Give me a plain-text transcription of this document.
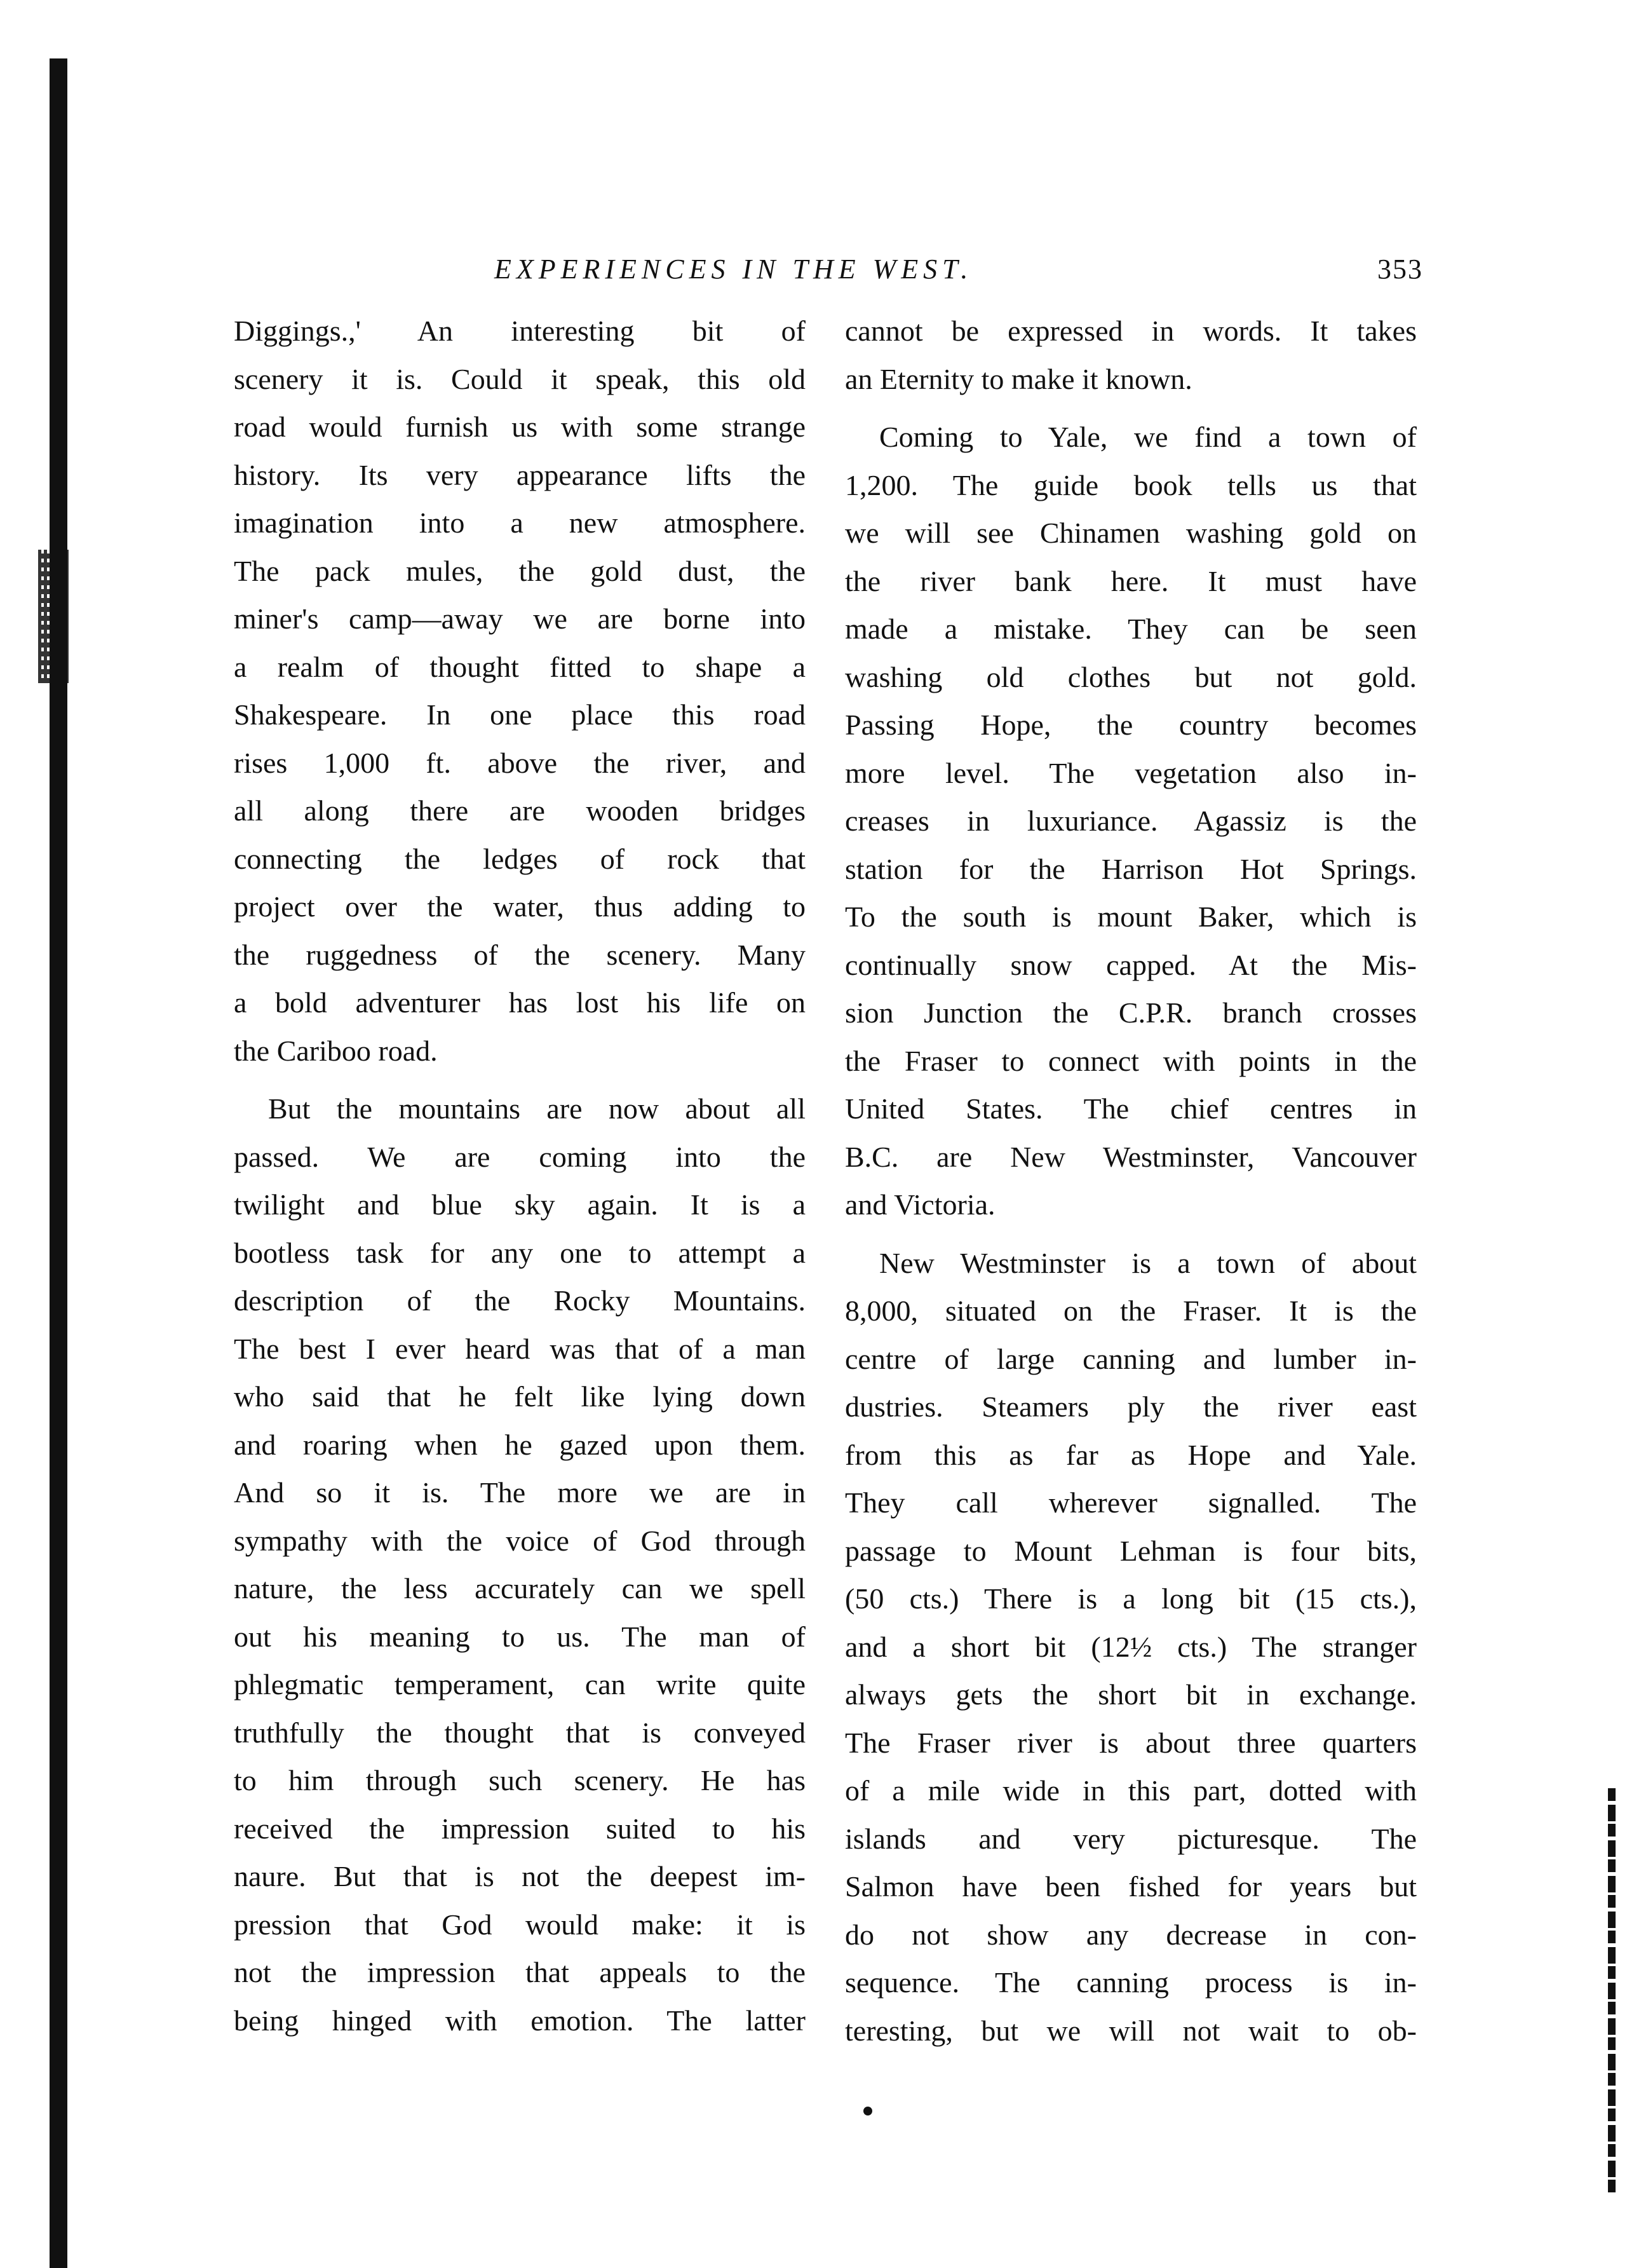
EXPERIENCES IN THE WEST.	353
Diggings.,' An interesting bit of
scenery it is. Could it speak, this old
road would furnish us with some strange
history. Its very appearance lifts the
imagination into a new atmosphere.
The pack mules, the gold dust, the
miner's camp—away we are borne into
a realm of thought fitted to shape a
Shakespeare. In one place this road
rises 1,000 ft. above the river, and
all along there are wooden bridges
connecting the ledges of rock that
project over the water, thus adding to
the ruggedness of the scenery. Many
a bold adventurer has lost his life on
the Cariboo road.
But the mountains are now about all
passed. We are coming into the
twilight and blue sky again. It is a
bootless task for any one to attempt a
description of the Rocky Mountains.
The best I ever heard was that of a man
who said that he felt like lying down
and roaring when he gazed upon them.
And so it is. The more we are in
sympathy with the voice of God through
nature, the less accurately can we spell
out his meaning to us. The man of
phlegmatic temperament, can write quite
truthfully the thought that is conveyed
to him through such scenery. He has
received the impression suited to his
naure. But that is not the deepest im-
pression that God would make: it is
not the impression that appeals to the
being hinged with emotion. The latter
cannot be expressed in words. It takes
an Eternity to make it known.
Coming to Yale, we find a town of
1,200. The guide book tells us that
we will see Chinamen washing gold on
the river bank here. It must have
made a mistake. They can be seen
washing old clothes but not gold.
Passing Hope, the country becomes
more level. The vegetation also in-
creases in luxuriance. Agassiz is the
station for the Harrison Hot Springs.
To the south is mount Baker, which is
continually snow capped. At the Mis-
sion Junction the C.P.R. branch crosses
the Fraser to connect with points in the
United States. The chief centres in
B.C. are New Westminster, Vancouver
and Victoria.
New Westminster is a town of about
8,000, situated on the Fraser. It is the
centre of large canning and lumber in-
dustries. Steamers ply the river east
from this as far as Hope and Yale.
They call wherever signalled. The
passage to Mount Lehman is four bits,
(50 cts.) There is a long bit (15 cts.),
and a short bit (12½ cts.) The stranger
always gets the short bit in exchange.
The Fraser river is about three quarters
of a mile wide in this part, dotted with
islands and very picturesque. The
Salmon have been fished for years but
do not show any decrease in con-
sequence. The canning process is in-
teresting, but we will not wait to ob-
